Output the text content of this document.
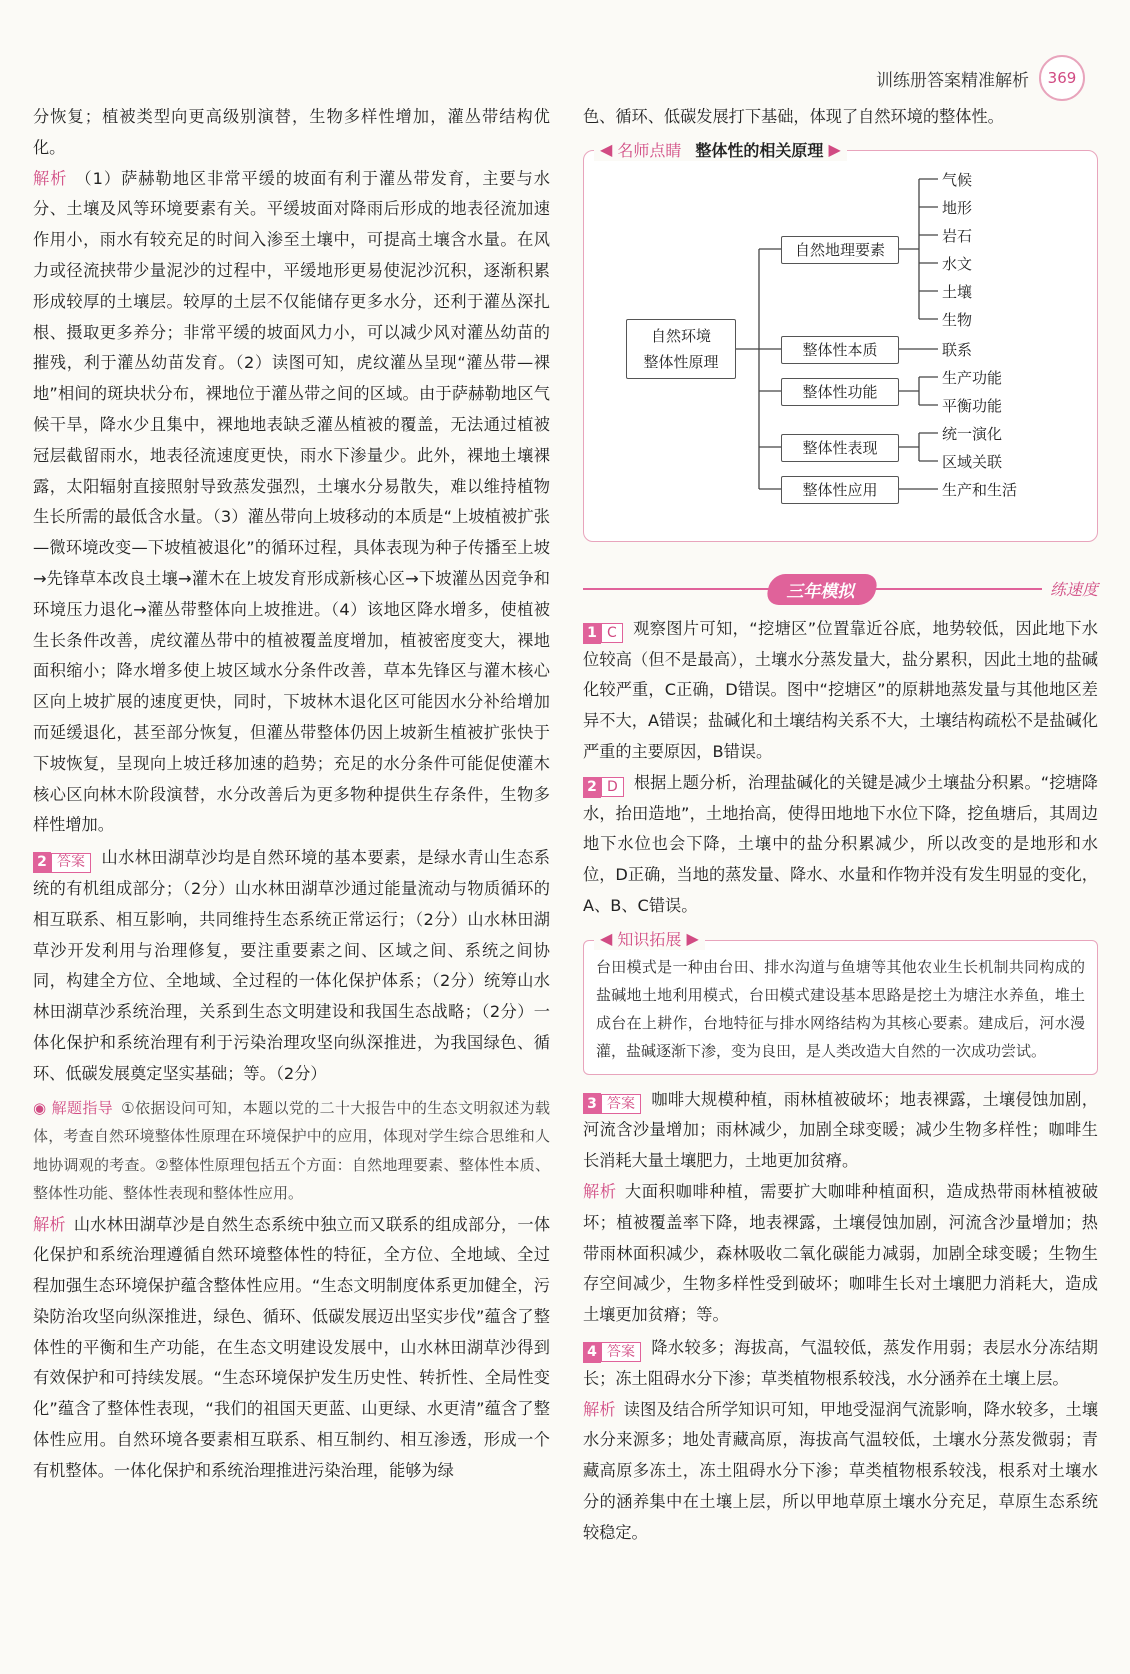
训练册答案精准解析	369

分恢复；植被类型向更高级别演替，生物多样性增加，灌丛带结构优化。

解析 （1）萨赫勒地区非常平缓的坡面有利于灌丛带发育，主要与水分、土壤及风等环境要素有关。平缓坡面对降雨后形成的地表径流加速作用小，雨水有较充足的时间入渗至土壤中，可提高土壤含水量。在风力或径流挟带少量泥沙的过程中，平缓地形更易使泥沙沉积，逐渐积累形成较厚的土壤层。较厚的土层不仅能储存更多水分，还利于灌丛深扎根、摄取更多养分；非常平缓的坡面风力小，可以减少风对灌丛幼苗的摧残，利于灌丛幼苗发育。（2）读图可知，虎纹灌丛呈现“灌丛带—裸地”相间的斑块状分布，裸地位于灌丛带之间的区域。由于萨赫勒地区气候干旱，降水少且集中，裸地地表缺乏灌丛植被的覆盖，无法通过植被冠层截留雨水，地表径流速度更快，雨水下渗量少。此外，裸地土壤裸露，太阳辐射直接照射导致蒸发强烈，土壤水分易散失，难以维持植物生长所需的最低含水量。（3）灌丛带向上坡移动的本质是“上坡植被扩张—微环境改变—下坡植被退化”的循环过程，具体表现为种子传播至上坡→先锋草本改良土壤→灌木在上坡发育形成新核心区→下坡灌丛因竞争和环境压力退化→灌丛带整体向上坡推进。（4）该地区降水增多，使植被生长条件改善，虎纹灌丛带中的植被覆盖度增加，植被密度变大，裸地面积缩小；降水增多使上坡区域水分条件改善，草本先锋区与灌木核心区向上坡扩展的速度更快，同时，下坡林木退化区可能因水分补给增加而延缓退化，甚至部分恢复，但灌丛带整体仍因上坡新生植被扩张快于下坡恢复，呈现向上坡迁移加速的趋势；充足的水分条件可能促使灌木核心区向林木阶段演替，水分改善后为更多物种提供生存条件，生物多样性增加。

2 答案 山水林田湖草沙均是自然环境的基本要素，是绿水青山生态系统的有机组成部分；（2分）山水林田湖草沙通过能量流动与物质循环的相互联系、相互影响，共同维持生态系统正常运行；（2分）山水林田湖草沙开发利用与治理修复，要注重要素之间、区域之间、系统之间协同，构建全方位、全地域、全过程的一体化保护体系；（2分）统筹山水林田湖草沙系统治理，关系到生态文明建设和我国生态战略；（2分）一体化保护和系统治理有利于污染治理攻坚向纵深推进，为我国绿色、循环、低碳发展奠定坚实基础；等。（2分）

◉ 解题指导 ①依据设问可知，本题以党的二十大报告中的生态文明叙述为载体，考查自然环境整体性原理在环境保护中的应用，体现对学生综合思维和人地协调观的考查。②整体性原理包括五个方面：自然地理要素、整体性本质、整体性功能、整体性表现和整体性应用。

解析 山水林田湖草沙是自然生态系统中独立而又联系的组成部分，一体化保护和系统治理遵循自然环境整体性的特征，全方位、全地域、全过程加强生态环境保护蕴含整体性应用。“生态文明制度体系更加健全，污染防治攻坚向纵深推进，绿色、循环、低碳发展迈出坚实步伐”蕴含了整体性的平衡和生产功能，在生态文明建设发展中，山水林田湖草沙得到有效保护和可持续发展。“生态环境保护发生历史性、转折性、全局性变化”蕴含了整体性表现，“我们的祖国天更蓝、山更绿、水更清”蕴含了整体性应用。自然环境各要素相互联系、相互制约、相互渗透，形成一个有机整体。一体化保护和系统治理推进污染治理，能够为绿

色、循环、低碳发展打下基础，体现了自然环境的整体性。

◀ 名师点睛 整体性的相关原理 ▶
自然环境
整体性原理
自然地理要素
整体性本质
整体性功能
整体性表现
整体性应用
气候
地形
岩石
水文
土壤
生物
联系
生产功能
平衡功能
统一演化
区域关联
生产和生活
三年模拟	练速度

1 C 观察图片可知，“挖塘区”位置靠近谷底，地势较低，因此地下水位较高（但不是最高），土壤水分蒸发量大，盐分累积，因此土地的盐碱化较严重，C正确，D错误。图中“挖塘区”的原耕地蒸发量与其他地区差异不大，A错误；盐碱化和土壤结构关系不大，土壤结构疏松不是盐碱化严重的主要原因，B错误。

2 D 根据上题分析，治理盐碱化的关键是减少土壤盐分积累。“挖塘降水，抬田造地”，土地抬高，使得田地地下水位下降，挖鱼塘后，其周边地下水位也会下降，土壤中的盐分积累减少，所以改变的是地形和水位，D正确，当地的蒸发量、降水、水量和作物并没有发生明显的变化，A、B、C错误。

◀ 知识拓展 ▶

台田模式是一种由台田、排水沟道与鱼塘等其他农业生长机制共同构成的盐碱地土地利用模式，台田模式建设基本思路是挖土为塘注水养鱼，堆土成台在上耕作，台地特征与排水网络结构为其核心要素。建成后，河水漫灌，盐碱逐渐下渗，变为良田，是人类改造大自然的一次成功尝试。

3 答案 咖啡大规模种植，雨林植被破坏；地表裸露，土壤侵蚀加剧，河流含沙量增加；雨林减少，加剧全球变暖；减少生物多样性；咖啡生长消耗大量土壤肥力，土地更加贫瘠。

解析 大面积咖啡种植，需要扩大咖啡种植面积，造成热带雨林植被破坏；植被覆盖率下降，地表裸露，土壤侵蚀加剧，河流含沙量增加；热带雨林面积减少，森林吸收二氧化碳能力减弱，加剧全球变暖；生物生存空间减少，生物多样性受到破坏；咖啡生长对土壤肥力消耗大，造成土壤更加贫瘠；等。

4 答案 降水较多；海拔高，气温较低，蒸发作用弱；表层水分冻结期长；冻土阻碍水分下渗；草类植物根系较浅，水分涵养在土壤上层。

解析 读图及结合所学知识可知，甲地受湿润气流影响，降水较多，土壤水分来源多；地处青藏高原，海拔高气温较低，土壤水分蒸发微弱；青藏高原多冻土，冻土阻碍水分下渗；草类植物根系较浅，根系对土壤水分的涵养集中在土壤上层，所以甲地草原土壤水分充足，草原生态系统较稳定。
